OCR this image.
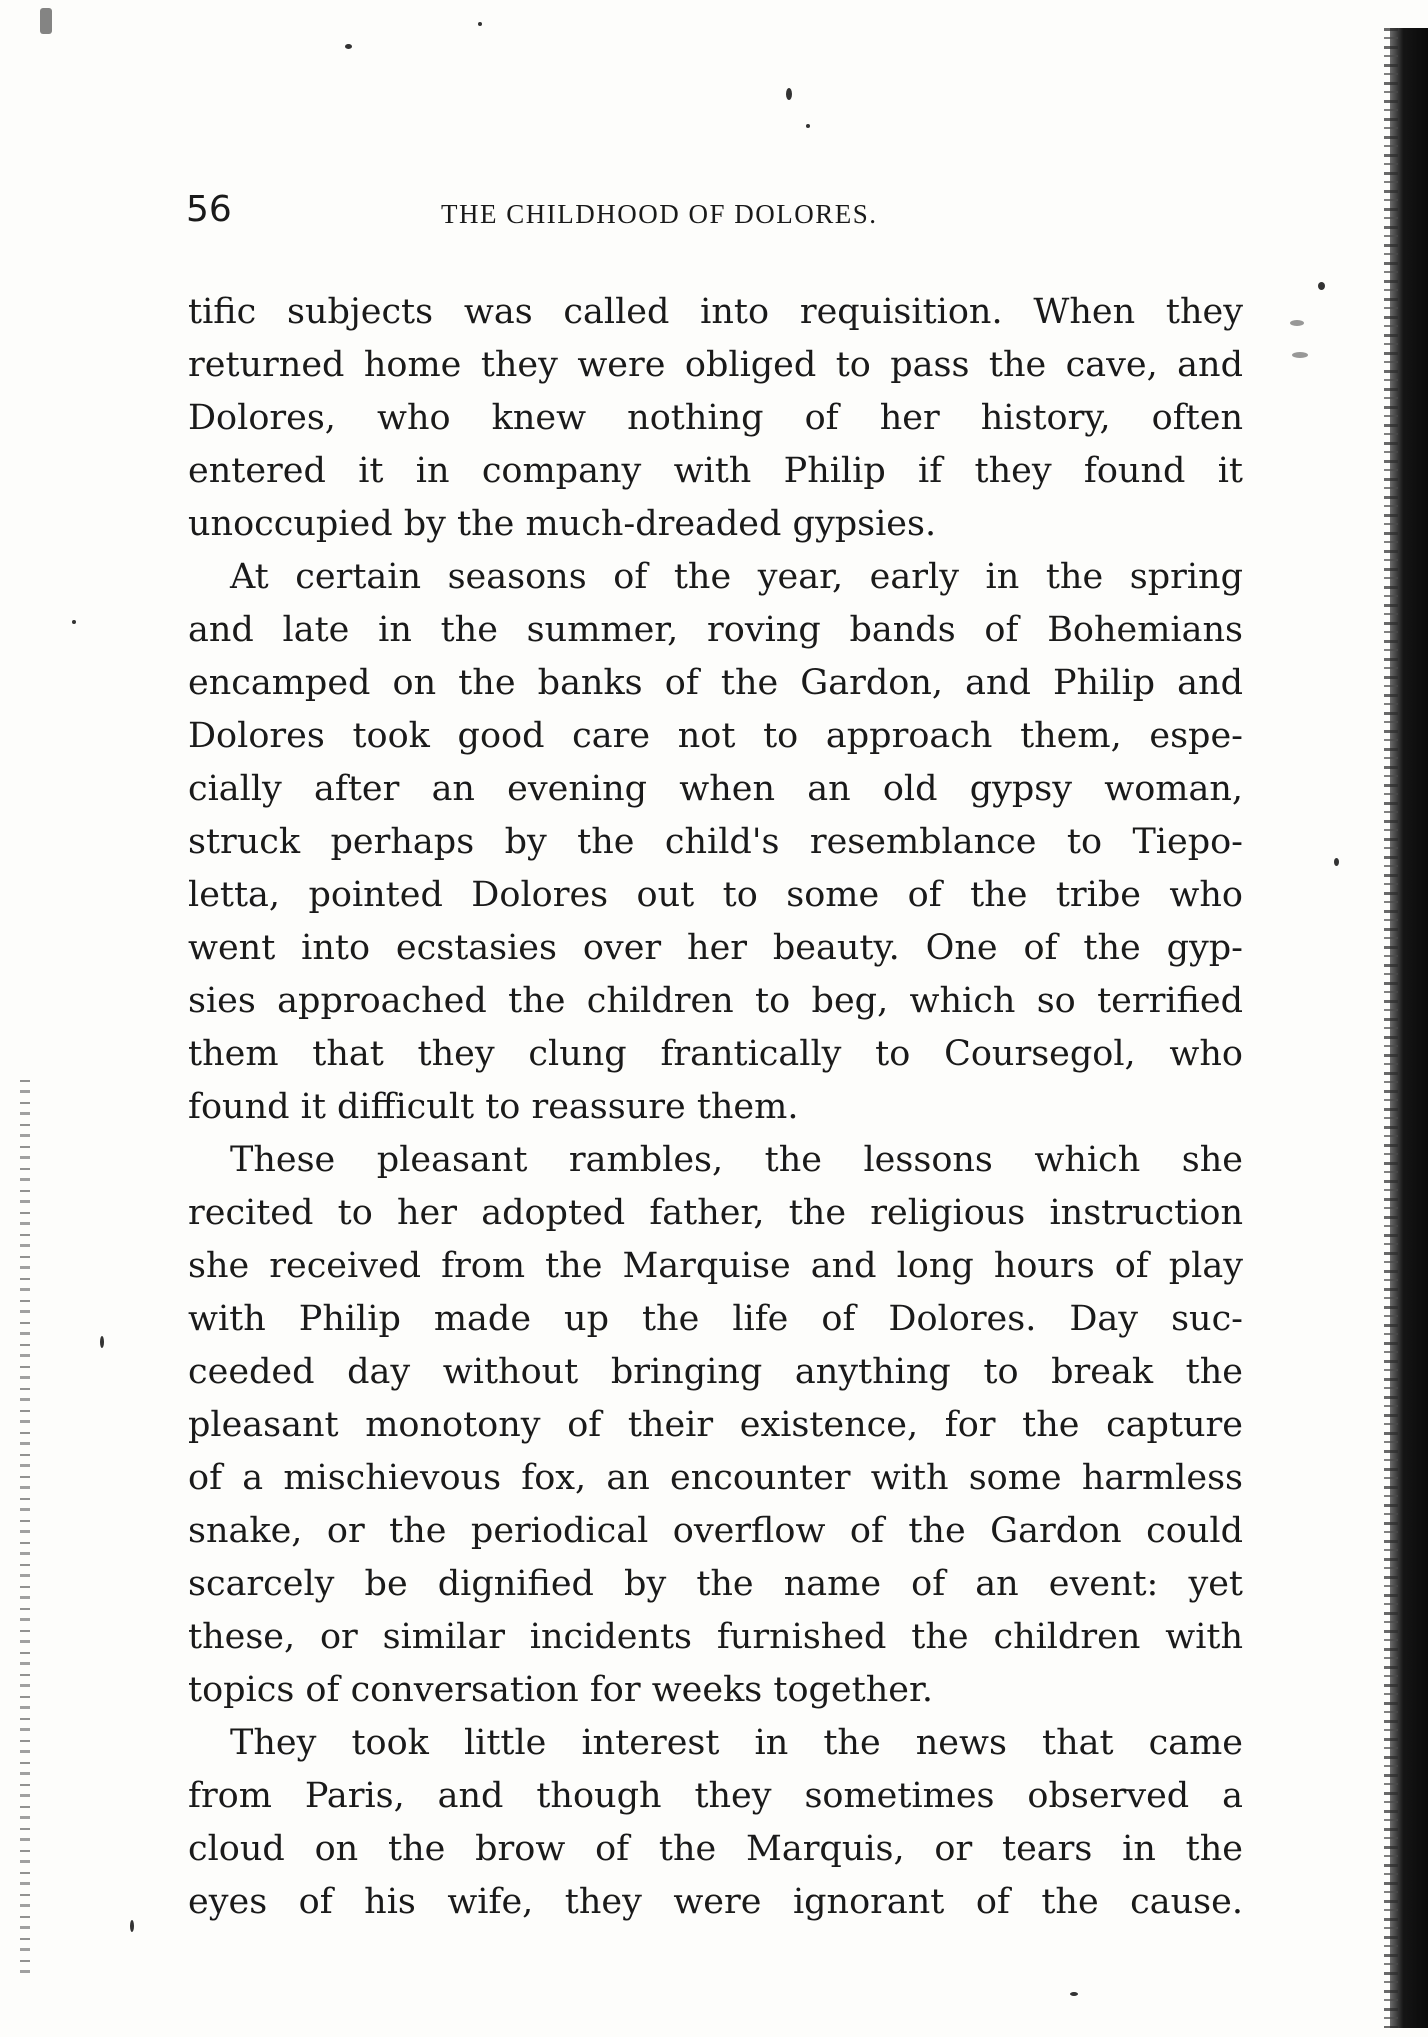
56	THE CHILDHOOD OF DOLORES.

tific subjects was called into requisition. When they
returned home they were obliged to pass the cave, and
Dolores, who knew nothing of her history, often
entered it in company with Philip if they found it
unoccupied by the much-dreaded gypsies.

At certain seasons of the year, early in the spring
and late in the summer, roving bands of Bohemians
encamped on the banks of the Gardon, and Philip and
Dolores took good care not to approach them, espe-
cially after an evening when an old gypsy woman,
struck perhaps by the child's resemblance to Tiepo-
letta, pointed Dolores out to some of the tribe who
went into ecstasies over her beauty. One of the gyp-
sies approached the children to beg, which so terrified
them that they clung frantically to Coursegol, who
found it difficult to reassure them.

These pleasant rambles, the lessons which she
recited to her adopted father, the religious instruction
she received from the Marquise and long hours of play
with Philip made up the life of Dolores. Day suc-
ceeded day without bringing anything to break the
pleasant monotony of their existence, for the capture
of a mischievous fox, an encounter with some harmless
snake, or the periodical overflow of the Gardon could
scarcely be dignified by the name of an event: yet
these, or similar incidents furnished the children with
topics of conversation for weeks together.

They took little interest in the news that came
from Paris, and though they sometimes observed a
cloud on the brow of the Marquis, or tears in the
eyes of his wife, they were ignorant of the cause.
